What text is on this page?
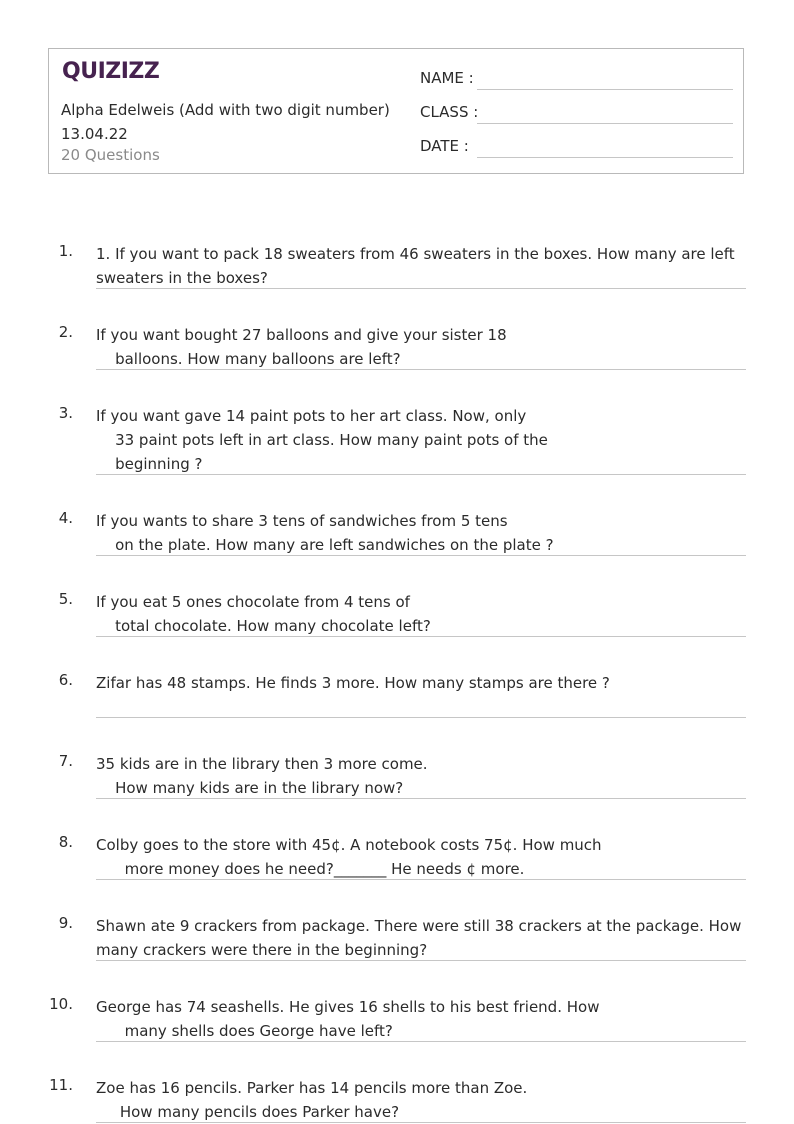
QUIZIZZ
Alpha Edelweis (Add with two digit number)
13.04.22
20 Questions
NAME :
CLASS :
DATE :
1. 1. If you want to pack 18 sweaters from 46 sweaters in the boxes. How many are left
sweaters in the boxes?
2. If you want bought 27 balloons and give your sister 18
balloons. How many balloons are left?
3. If you want gave 14 paint pots to her art class. Now, only
33 paint pots left in art class. How many paint pots of the
beginning ?
4. If you wants to share 3 tens of sandwiches from 5 tens
on the plate. How many are left sandwiches on the plate ?
5. If you eat 5 ones chocolate from 4 tens of
total chocolate. How many chocolate left?
6. Zifar has 48 stamps. He finds 3 more. How many stamps are there ?
7. 35 kids are in the library then 3 more come.
How many kids are in the library now?
8. Colby goes to the store with 45¢. A notebook costs 75¢. How much
more money does he need?_______ He needs ¢ more.
9. Shawn ate 9 crackers from package. There were still 38 crackers at the package. How
many crackers were there in the beginning?
10. George has 74 seashells. He gives 16 shells to his best friend. How
many shells does George have left?
11. Zoe has 16 pencils. Parker has 14 pencils more than Zoe.
How many pencils does Parker have?
